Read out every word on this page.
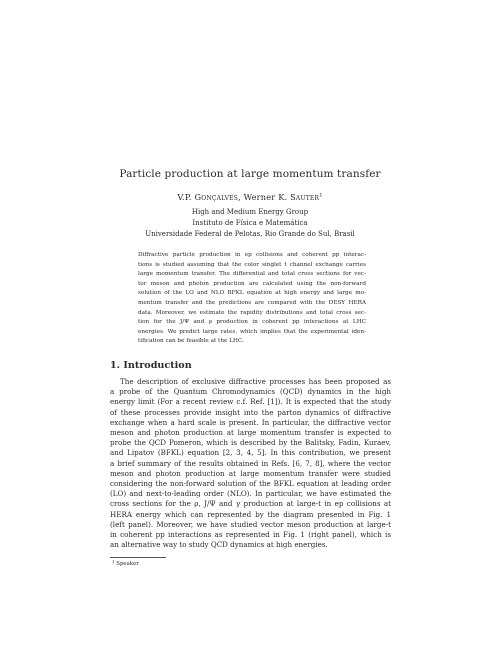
Particle production at large momentum transfer
V.P. Gonçalves, Werner K. Sauter$^1$
High and Medium Energy Group
Instituto de Física e Matemática
Universidade Federal de Pelotas, Rio Grande do Sul, Brasil
Diffractive particle production in ep collisions and coherent pp interac-
tions is studied assuming that the color singlet t channel exchange carries
large momentum transfer. The differential and total cross sections for vec-
tor meson and photon production are calculated using the non-forward
solution of the LO and NLO BFKL equation at high energy and large mo-
mentum transfer and the predictions are compared with the DESY HERA
data. Moreover, we estimate the rapidity distributions and total cross sec-
tion for the J/Ψ and ρ production in coherent pp interactions at LHC
energies. We predict large rates, which implies that the experimental iden-
tification can be feasible at the LHC.
1. Introduction
The description of exclusive diffractive processes has been proposed as
a probe of the Quantum Chromodynamics (QCD) dynamics in the high
energy limit (For a recent review c.f. Ref. [1]). It is expected that the study
of these processes provide insight into the parton dynamics of diffractive
exchange when a hard scale is present. In particular, the diffractive vector
meson and photon production at large momentum transfer is expected to
probe the QCD Pomeron, which is described by the Balitsky, Fadin, Kuraev,
and Lipatov (BFKL) equation [2, 3, 4, 5]. In this contribution, we present
a brief summary of the results obtained in Refs. [6, 7, 8], where the vector
meson and photon production at large momentum transfer were studied
considering the non-forward solution of the BFKL equation at leading order
(LO) and next-to-leading order (NLO). In particular, we have estimated the
cross sections for the ρ, J/Ψ and γ production at large-t in ep collisions at
HERA energy which can represented by the diagram presented in Fig. 1
(left panel). Moreover, we have studied vector meson production at large-t
in coherent pp interactions as represented in Fig. 1 (right panel), which is
an alternative way to study QCD dynamics at high energies.
$^1$ Speaker
